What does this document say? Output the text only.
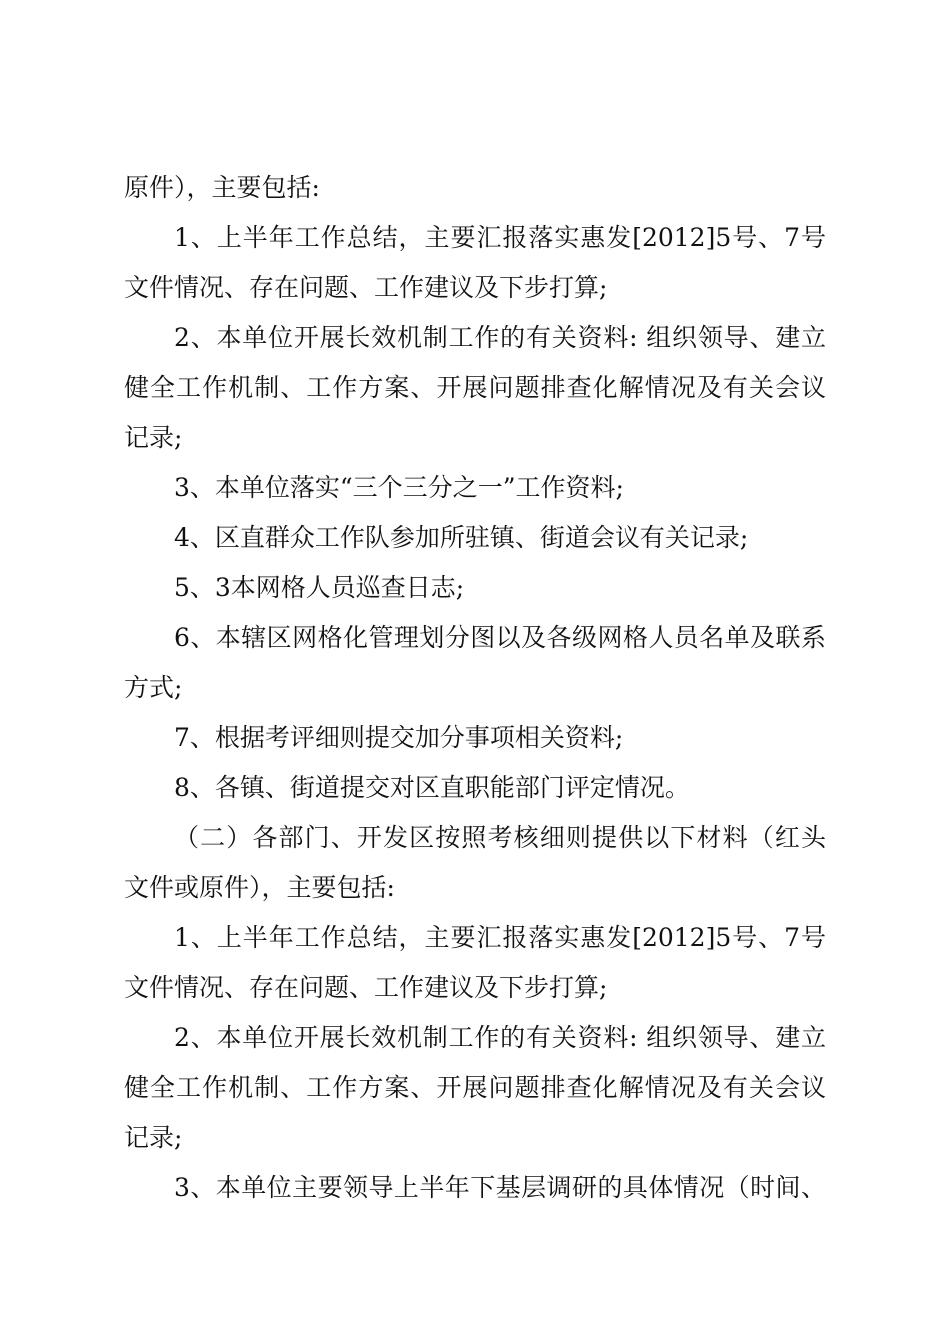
原件），主要包括:
1、上半年工作总结，主要汇报落实惠发[2012]5号、7号
文件情况、存在问题、工作建议及下步打算;
2、本单位开展长效机制工作的有关资料: 组织领导、建立
健全工作机制、工作方案、开展问题排查化解情况及有关会议
记录;
3、本单位落实“三个三分之一”工作资料;
4、区直群众工作队参加所驻镇、街道会议有关记录;
5、3本网格人员巡查日志;
6、本辖区网格化管理划分图以及各级网格人员名单及联系
方式;
7、根据考评细则提交加分事项相关资料;
8、各镇、街道提交对区直职能部门评定情况。
（二）各部门、开发区按照考核细则提供以下材料（红头
文件或原件），主要包括:
1、上半年工作总结，主要汇报落实惠发[2012]5号、7号
文件情况、存在问题、工作建议及下步打算;
2、本单位开展长效机制工作的有关资料: 组织领导、建立
健全工作机制、工作方案、开展问题排查化解情况及有关会议
记录;
3、本单位主要领导上半年下基层调研的具体情况（时间、
